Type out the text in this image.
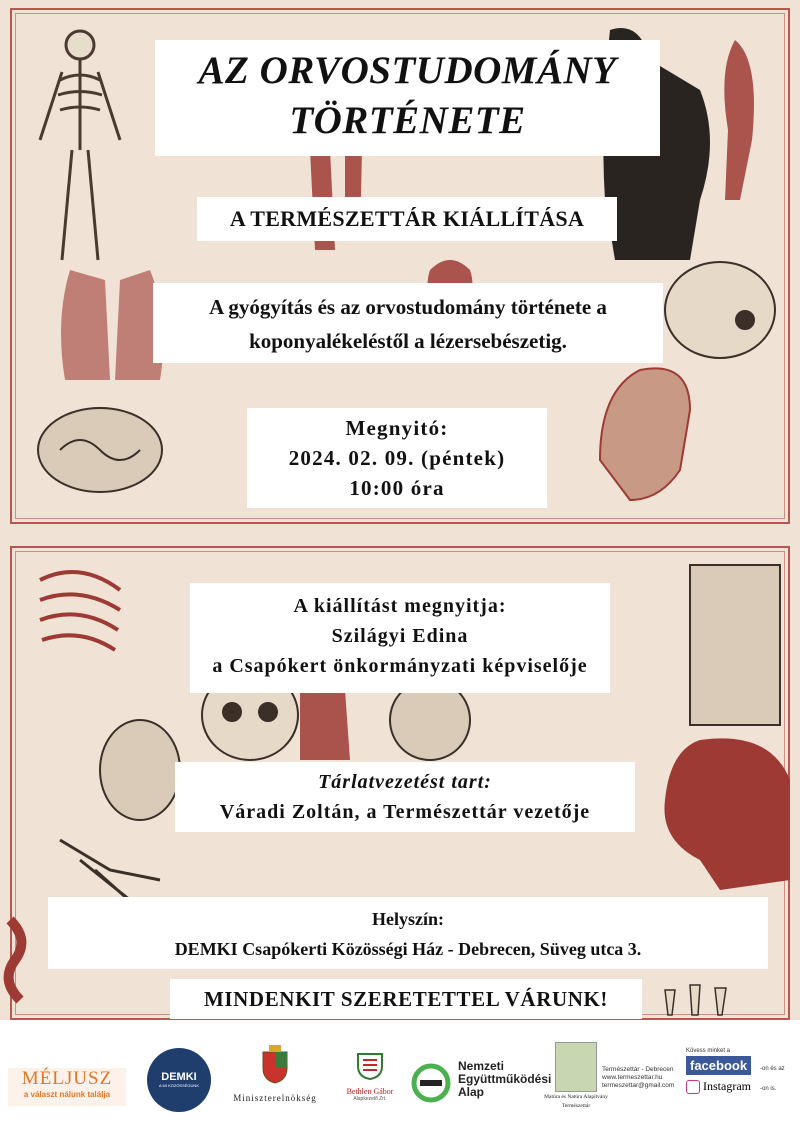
AZ ORVOSTUDOMÁNY
TÖRTÉNETE
A TERMÉSZETTÁR KIÁLLÍTÁSA
A gyógyítás és az orvostudomány története a
koponyalékeléstől a lézersebészetig.
Megnyitó:
2024. 02. 09. (péntek)
10:00 óra
A kiállítást megnyitja:
Szilágyi Edina
a Csapókert önkormányzati képviselője
Tárlatvezetést tart:
Váradi Zoltán, a Természettár vezetője
Helyszín:
DEMKI Csapókerti Közösségi Ház - Debrecen, Süveg utca 3.
MINDENKIT SZERETETTEL VÁRUNK!
MÉLJUSZ
a választ nálunk találja
DEMKI
A MI KÖZÖSSÉGÜNK
Miniszterelnökség
Bethlen Gábor
Alapkezelő Zrt.
Nemzeti
Együttműködési
Alap	Matúra és Natúra Alapítvány
Természettár
Természettár - Debrecen
www.termeszettar.hu
termeszettar@gmail.com
Kövess minket a
facebook
Instagram
-on és az
-on is.
